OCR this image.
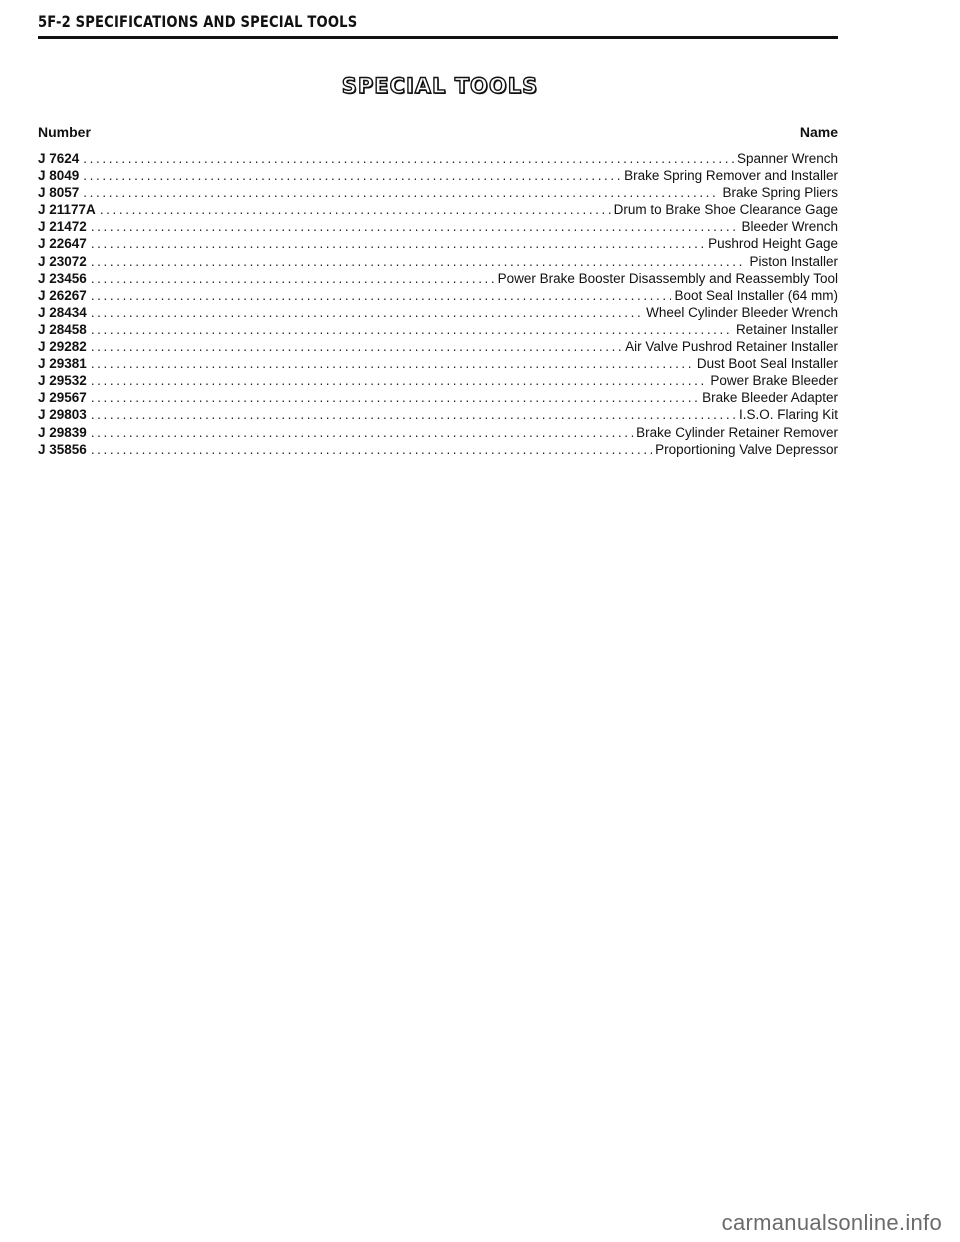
5F-2 SPECIFICATIONS AND SPECIAL TOOLS
SPECIAL TOOLS
Number	Name
J 7624 .....	Spanner Wrench
J 8049 .....	Brake Spring Remover and Installer
J 8057 .....	Brake Spring Pliers
J 21177A .....	Drum to Brake Shoe Clearance Gage
J 21472 .....	Bleeder Wrench
J 22647 .....	Pushrod Height Gage
J 23072 .....	Piston Installer
J 23456 .....	Power Brake Booster Disassembly and Reassembly Tool
J 26267 .....	Boot Seal Installer (64 mm)
J 28434 .....	Wheel Cylinder Bleeder Wrench
J 28458 .....	Retainer Installer
J 29282 .....	Air Valve Pushrod Retainer Installer
J 29381 .....	Dust Boot Seal Installer
J 29532 .....	Power Brake Bleeder
J 29567 .....	Brake Bleeder Adapter
J 29803 .....	I.S.O. Flaring Kit
J 29839 .....	Brake Cylinder Retainer Remover
J 35856 .....	Proportioning Valve Depressor
carmanualsonline.info
